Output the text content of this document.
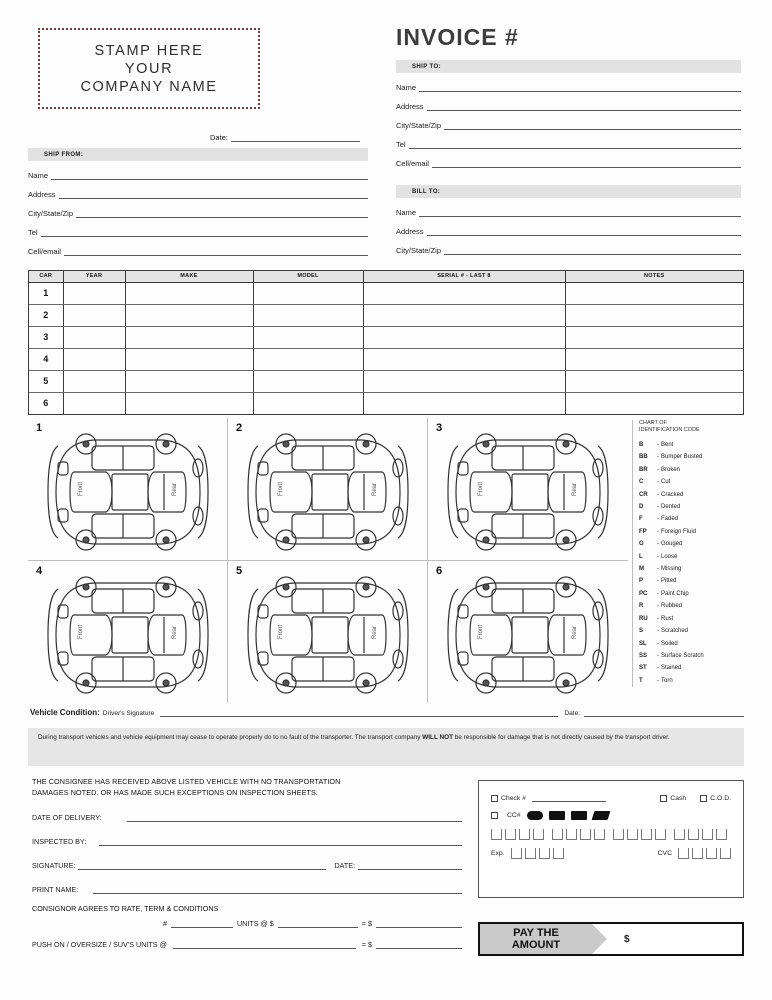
STAMP HERE
YOUR
COMPANY NAME
INVOICE #
Date:
SHIP FROM:
Name
Address
City/State/Zip
Tel
Cell/email
SHIP TO:
Name
Address
City/State/Zip
Tel
Cell/email
BILL TO:
Name
Address
City/State/Zip
CAR	YEAR	MAKE	MODEL	SERIAL # - LAST 8	NOTES
1					
2					
3					
4					
5					
6					
1
Front	Rear
2
Front	Rear
3
Front	Rear
4
Front	Rear
5
Front	Rear
6
Front	Rear
CHART OF
IDENTIFICATION CODE
B	- Bent
BB	- Bumper Busted
BR	- Broken
C	- Cut
CR	- Cracked
D	- Dented
F	- Faded
FP	- Foreign Fluid
G	- Gouged
L	- Loose
M	- Missing
P	- Pitted
PC	- Paint Chip
R	- Rubbed
RU	- Rust
S	- Scratched
SL	- Soiled
SS	- Surface Scratch
ST	- Stained
T	- Torn
Vehicle Condition: Driver's Signature	Date:
During transport vehicles and vehicle equipment may cease to operate properly do to no fault of the transporter. The transport company WILL NOT be responsible for damage that is not directly caused by the transport driver.
THE CONSIGNEE HAS RECEIVED ABOVE LISTED VEHICLE WITH NO TRANSPORTATION
DAMAGES NOTED. OR HAS MADE SUCH EXCEPTIONS ON INSPECTION SHEETS.
DATE OF DELIVERY:
INSPECTED BY:
SIGNATURE:	DATE:
PRINT NAME:
CONSIGNOR AGREES TO RATE, TERM & CONDITIONS
#	UNITS @ $	= $
PUSH ON / OVERSIZE / SUV'S UNITS @	= $
Check #	Cash	C.O.D.
CC#
Exp.	CVC
PAY THE
AMOUNT	$
